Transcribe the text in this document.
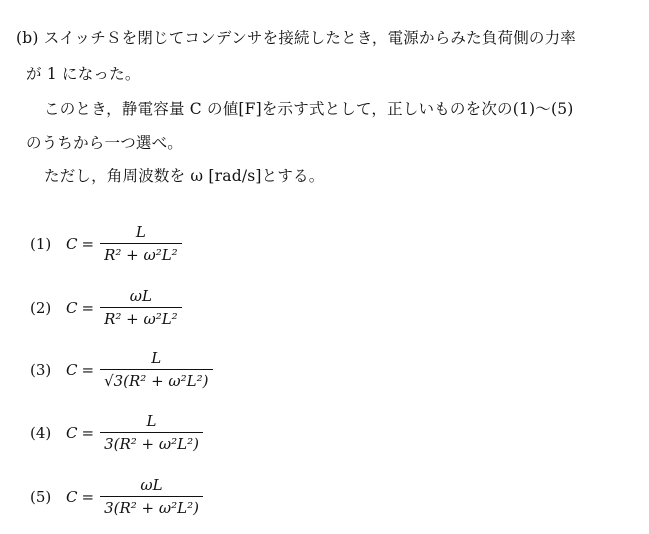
(b) スイッチＳを閉じてコンデンサを接続したとき，電源からみた負荷側の力率
が 1 になった。
このとき，静電容量 C の値[F]を示す式として，正しいものを次の(1)～(5)
のうちから一つ選べ。
ただし，角周波数を ω [rad/s]とする。
(1) $C = \frac{L}{\text{R² + ω²L²}}$
(2) $C = \frac{\omega L}{\text{R² + ω²L²}}$
(3) $C = \frac{L}{\text{√3(R² + ω²L²)}}$
(4) $C = \frac{L}{\text{3(R² + ω²L²)}}$
(5) $C = \frac{\omega L}{\text{3(R² + ω²L²)}}$
